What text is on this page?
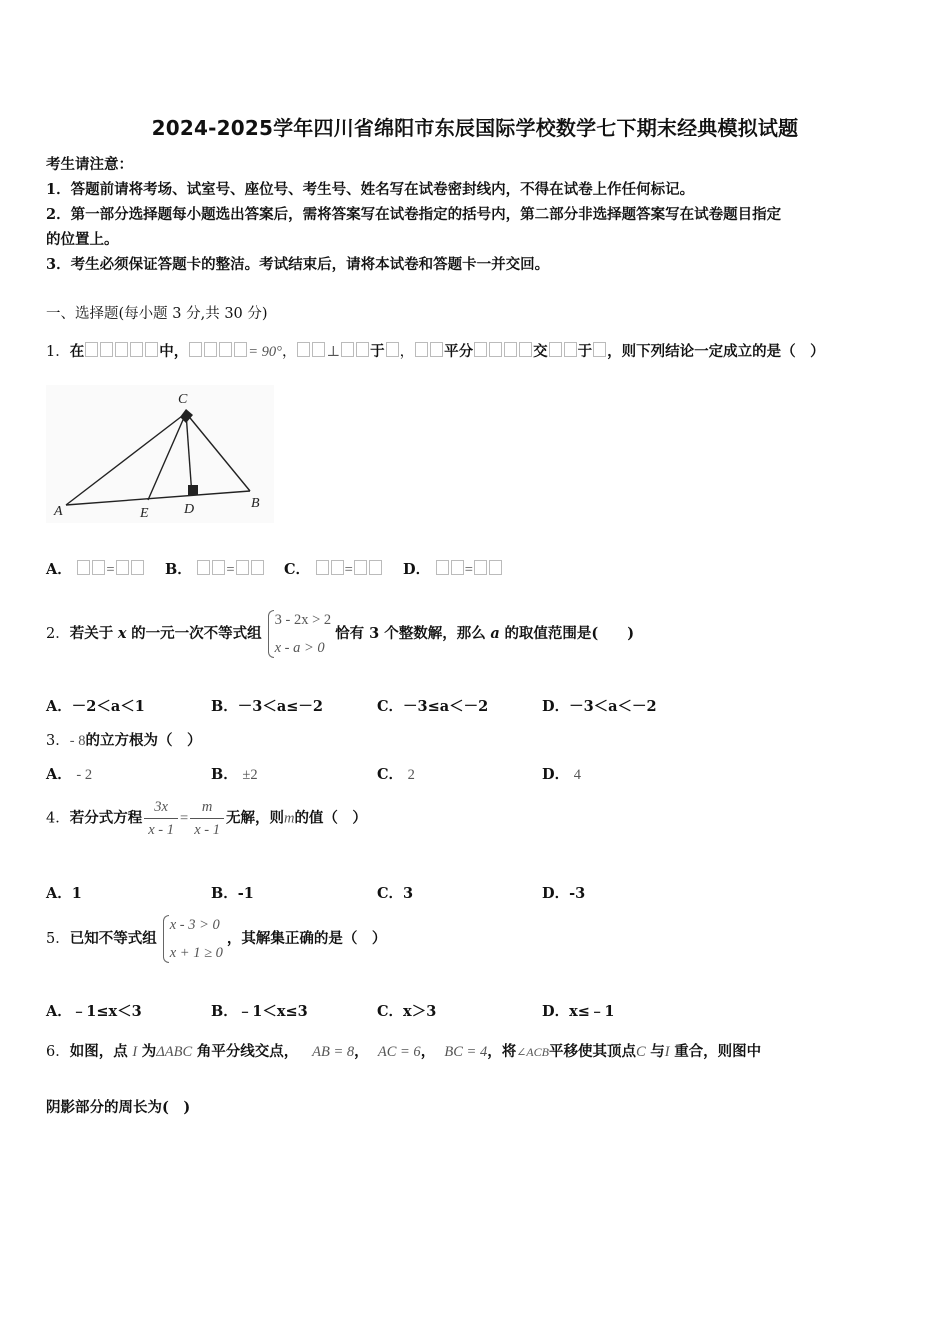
2024-2025学年四川省绵阳市东辰国际学校数学七下期末经典模拟试题
考生请注意：
1．答题前请将考场、试室号、座位号、考生号、姓名写在试卷密封线内，不得在试卷上作任何标记。
2．第一部分选择题每小题选出答案后，需将答案写在试卷指定的括号内，第二部分非选择题答案写在试卷题目指定
的位置上。
3．考生必须保证答题卡的整洁。考试结束后，请将本试卷和答题卡一并交回。
一、选择题(每小题 3 分,共 30 分)
1．在	中，	= 90°， ⊥ 于 ， 平分	交 于 ，则下列结论一定成立的是（　）
C
A	E	D	B
A． =	B． =	C． =	D． =
2．若关于 x 的一元一次不等式组
3 - 2x > 2
x - a > 0
恰有 3 个整数解，那么 a 的取值范围是(　　)
A．－2＜a＜1	B．－3＜a≤－2	C．－3≤a＜－2	D．－3＜a＜－2
3．- 8的立方根为（　）
A． - 2	B． ±2	C． 2	D． 4
4．若分式方程 $\frac{3x}{x - 1} = \frac{m}{x - 1}$ 无解，则m的值（　）
A．1	B．-1	C．3	D．-3
5．已知不等式组
x - 3 > 0
x + 1 ≥ 0
，其解集正确的是（　）
A．﹣1≤x＜3	B．﹣1＜x≤3	C．x＞3	D．x≤﹣1
6．如图，点 I 为ΔABC 角平分线交点， AB = 8， AC = 6， BC = 4，将∠ACB平移使其顶点C 与I 重合，则图中
阴影部分的周长为(　)
